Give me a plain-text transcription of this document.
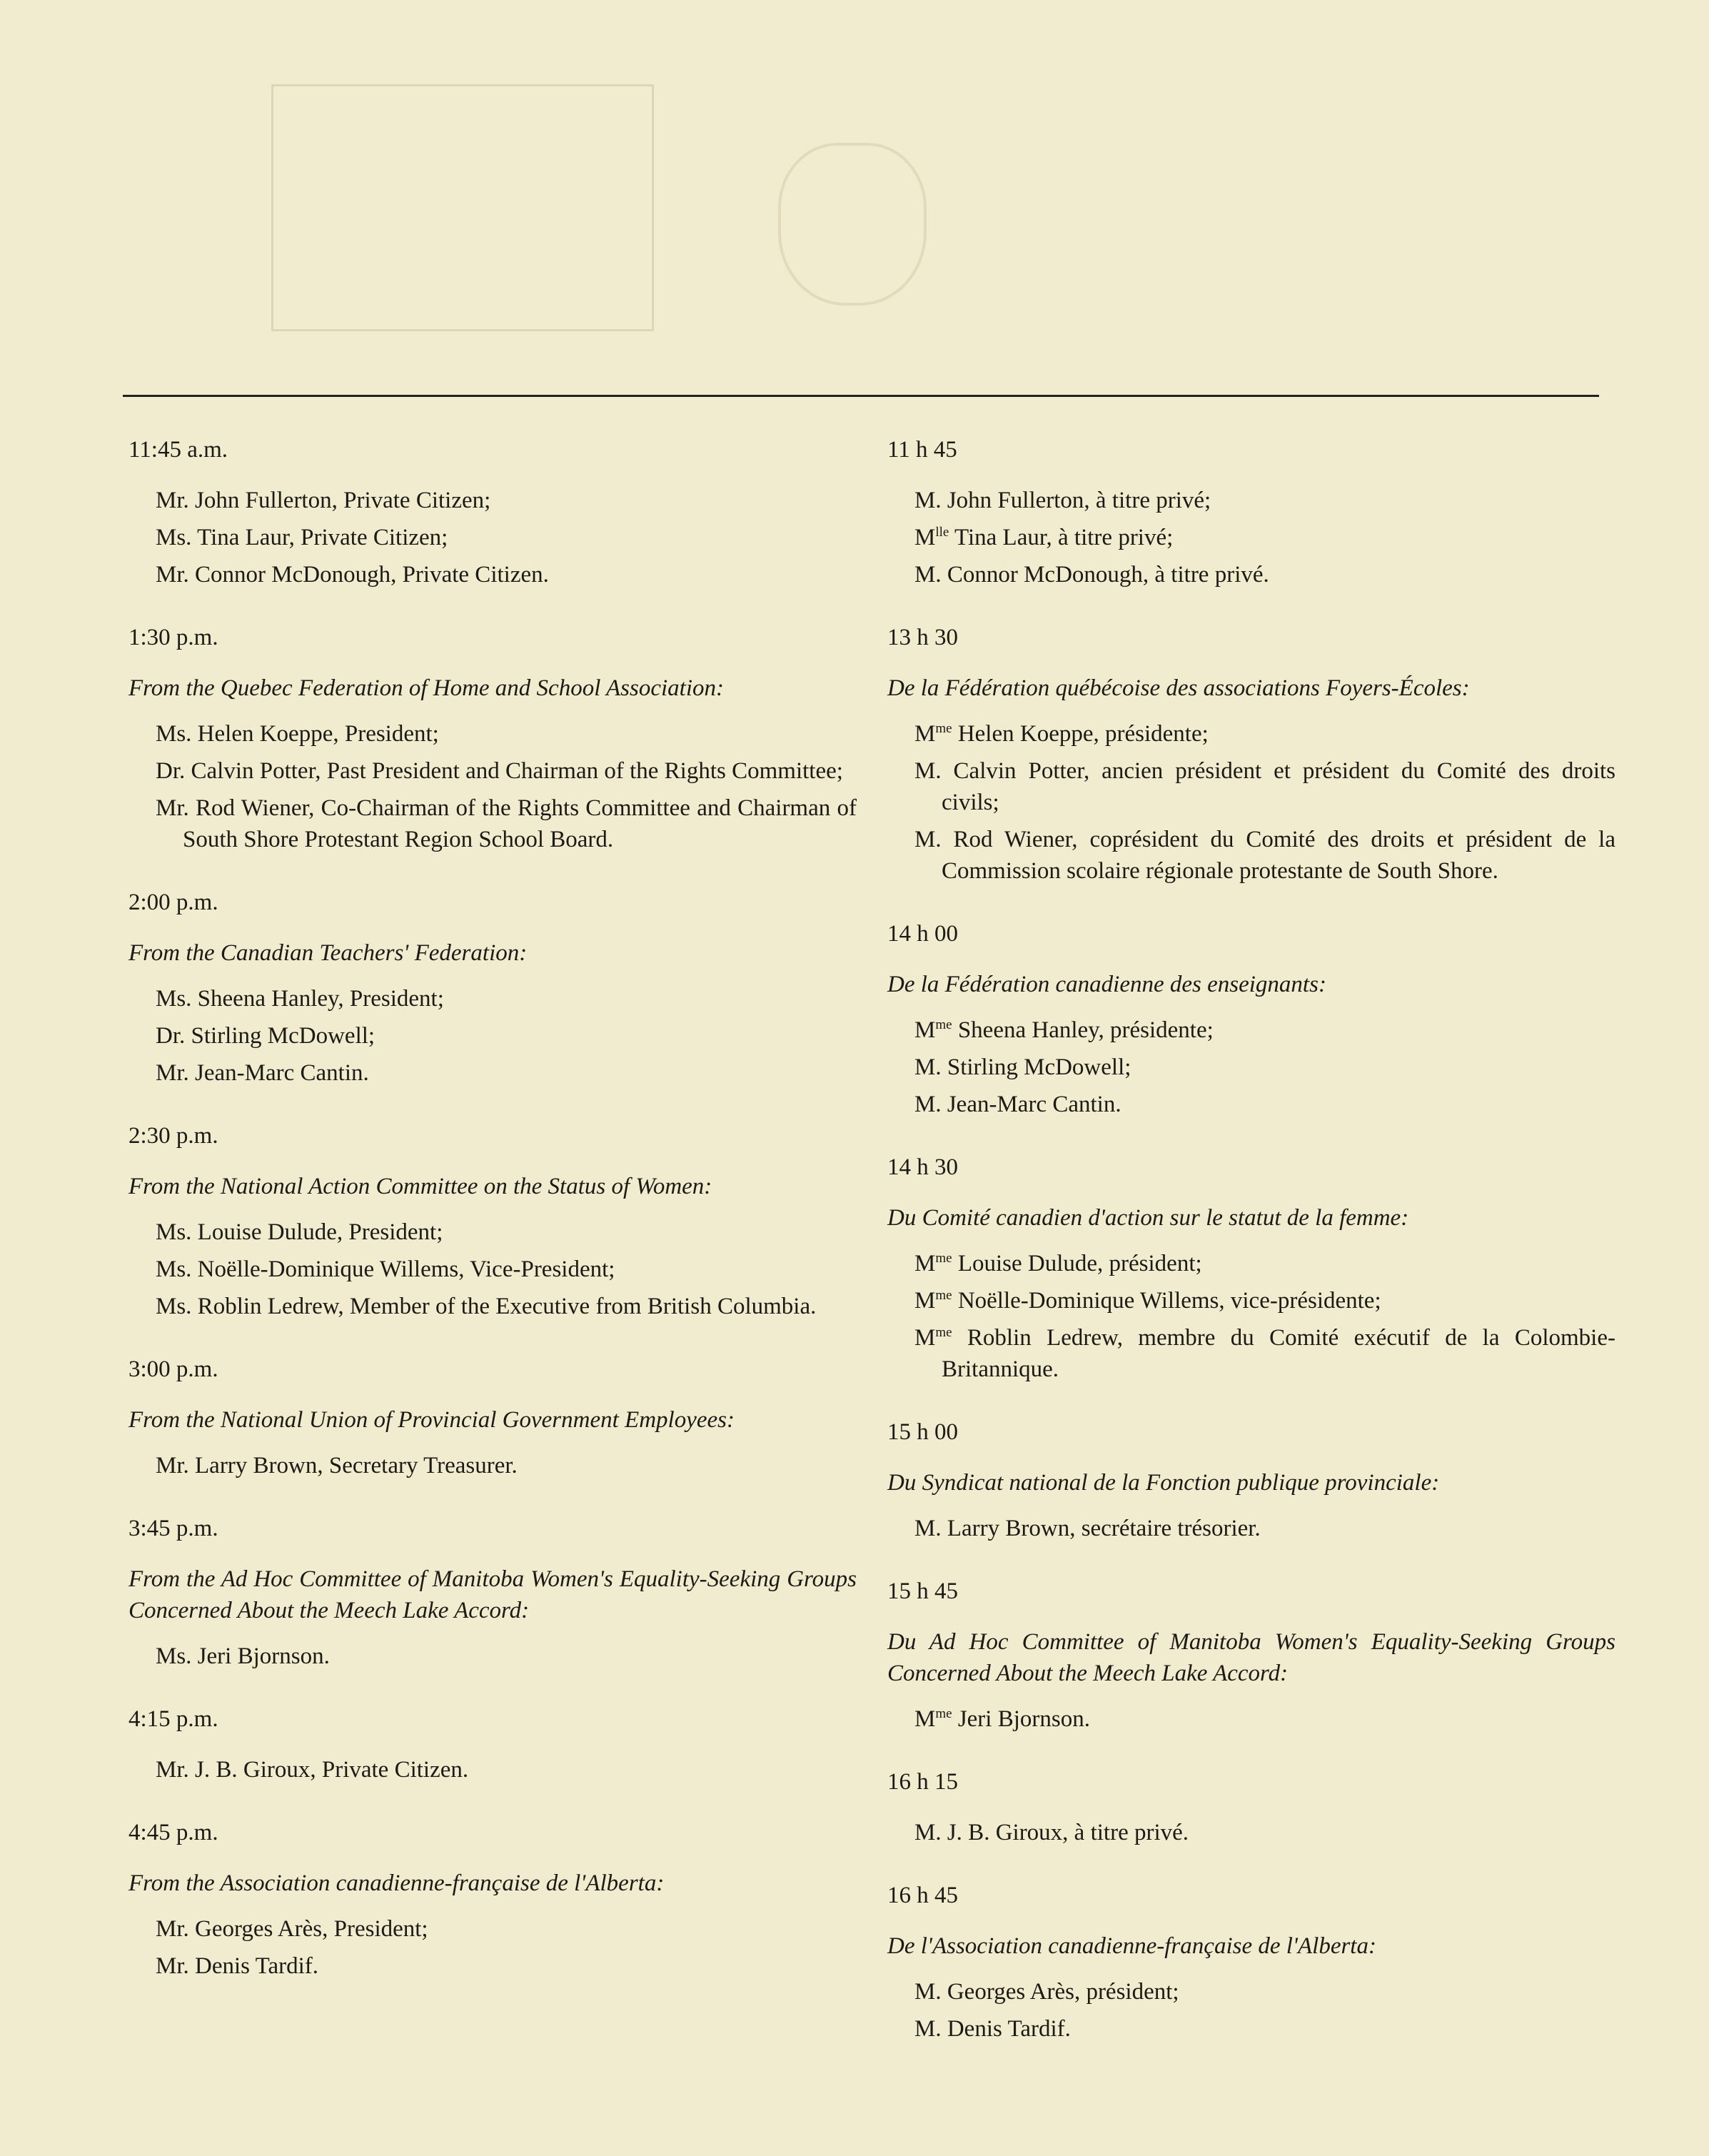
11:45 a.m.

Mr. John Fullerton, Private Citizen;

Ms. Tina Laur, Private Citizen;

Mr. Connor McDonough, Private Citizen.

1:30 p.m.

From the Quebec Federation of Home and School Association:

Ms. Helen Koeppe, President;

Dr. Calvin Potter, Past President and Chairman of the Rights Committee;

Mr. Rod Wiener, Co-Chairman of the Rights Committee and Chairman of South Shore Protestant Region School Board.

2:00 p.m.

From the Canadian Teachers' Federation:

Ms. Sheena Hanley, President;

Dr. Stirling McDowell;

Mr. Jean-Marc Cantin.

2:30 p.m.

From the National Action Committee on the Status of Women:

Ms. Louise Dulude, President;

Ms. Noëlle-Dominique Willems, Vice-President;

Ms. Roblin Ledrew, Member of the Executive from British Columbia.

3:00 p.m.

From the National Union of Provincial Government Employees:

Mr. Larry Brown, Secretary Treasurer.

3:45 p.m.

From the Ad Hoc Committee of Manitoba Women's Equality-Seeking Groups Concerned About the Meech Lake Accord:

Ms. Jeri Bjornson.

4:15 p.m.

Mr. J. B. Giroux, Private Citizen.

4:45 p.m.

From the Association canadienne-française de l'Alberta:

Mr. Georges Arès, President;

Mr. Denis Tardif.

11 h 45

M. John Fullerton, à titre privé;

$M^{lle}$ Tina Laur, à titre privé;

M. Connor McDonough, à titre privé.

13 h 30

De la Fédération québécoise des associations Foyers-Écoles:

$M^{me}$ Helen Koeppe, présidente;

M. Calvin Potter, ancien président et président du Comité des droits civils;

M. Rod Wiener, coprésident du Comité des droits et président de la Commission scolaire régionale protestante de South Shore.

14 h 00

De la Fédération canadienne des enseignants:

$M^{me}$ Sheena Hanley, présidente;

M. Stirling McDowell;

M. Jean-Marc Cantin.

14 h 30

Du Comité canadien d'action sur le statut de la femme:

$M^{me}$ Louise Dulude, président;

$M^{me}$ Noëlle-Dominique Willems, vice-présidente;

$M^{me}$ Roblin Ledrew, membre du Comité exécutif de la Colombie-Britannique.

15 h 00

Du Syndicat national de la Fonction publique provinciale:

M. Larry Brown, secrétaire trésorier.

15 h 45

Du Ad Hoc Committee of Manitoba Women's Equality-Seeking Groups Concerned About the Meech Lake Accord:

$M^{me}$ Jeri Bjornson.

16 h 15

M. J. B. Giroux, à titre privé.

16 h 45

De l'Association canadienne-française de l'Alberta:

M. Georges Arès, président;

M. Denis Tardif.
